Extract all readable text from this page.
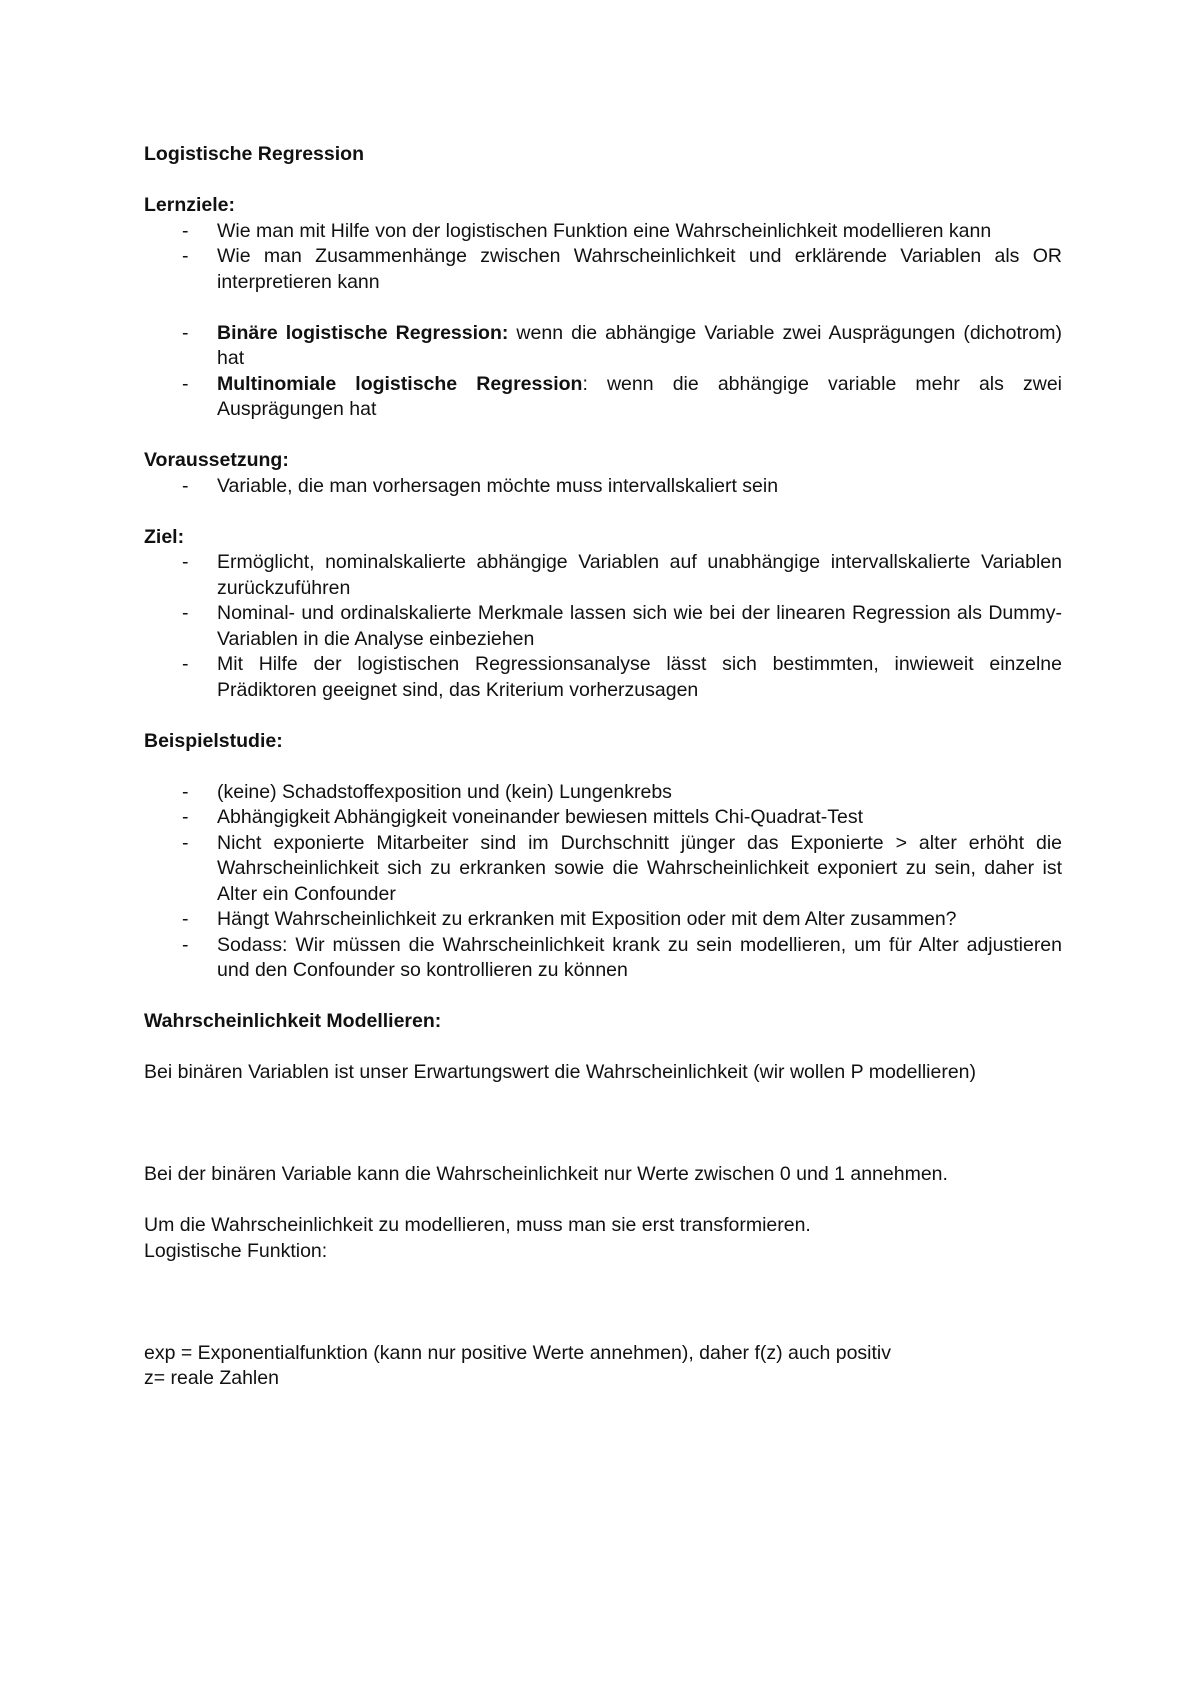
Logistische Regression

Lernziele:

- Wie man mit Hilfe von der logistischen Funktion eine Wahrscheinlichkeit modellieren kann
- Wie man Zusammenhänge zwischen Wahrscheinlichkeit und erklärende Variablen als OR interpretieren kann
- Binäre logistische Regression: wenn die abhängige Variable zwei Ausprägungen (dichotrom) hat
- Multinomiale logistische Regression: wenn die abhängige variable mehr als zwei Ausprägungen hat

Voraussetzung:

- Variable, die man vorhersagen möchte muss intervallskaliert sein

Ziel:

- Ermöglicht, nominalskalierte abhängige Variablen auf unabhängige intervallskalierte Variablen zurückzuführen
- Nominal- und ordinalskalierte Merkmale lassen sich wie bei der linearen Regression als Dummy-Variablen in die Analyse einbeziehen
- Mit Hilfe der logistischen Regressionsanalyse lässt sich bestimmten, inwieweit einzelne Prädiktoren geeignet sind, das Kriterium vorherzusagen

Beispielstudie:

- (keine) Schadstoffexposition und (kein) Lungenkrebs
- Abhängigkeit Abhängigkeit voneinander bewiesen mittels Chi-Quadrat-Test
- Nicht exponierte Mitarbeiter sind im Durchschnitt jünger das Exponierte > alter erhöht die Wahrscheinlichkeit sich zu erkranken sowie die Wahrscheinlichkeit exponiert zu sein, daher ist Alter ein Confounder
- Hängt Wahrscheinlichkeit zu erkranken mit Exposition oder mit dem Alter zusammen?
- Sodass: Wir müssen die Wahrscheinlichkeit krank zu sein modellieren, um für Alter adjustieren und den Confounder so kontrollieren zu können

Wahrscheinlichkeit Modellieren:

Bei binären Variablen ist unser Erwartungswert die Wahrscheinlichkeit (wir wollen P modellieren)

Bei der binären Variable kann die Wahrscheinlichkeit nur Werte zwischen 0 und 1 annehmen.

Um die Wahrscheinlichkeit zu modellieren, muss man sie erst transformieren.

Logistische Funktion:

exp = Exponentialfunktion (kann nur positive Werte annehmen), daher f(z) auch positiv

z= reale Zahlen
